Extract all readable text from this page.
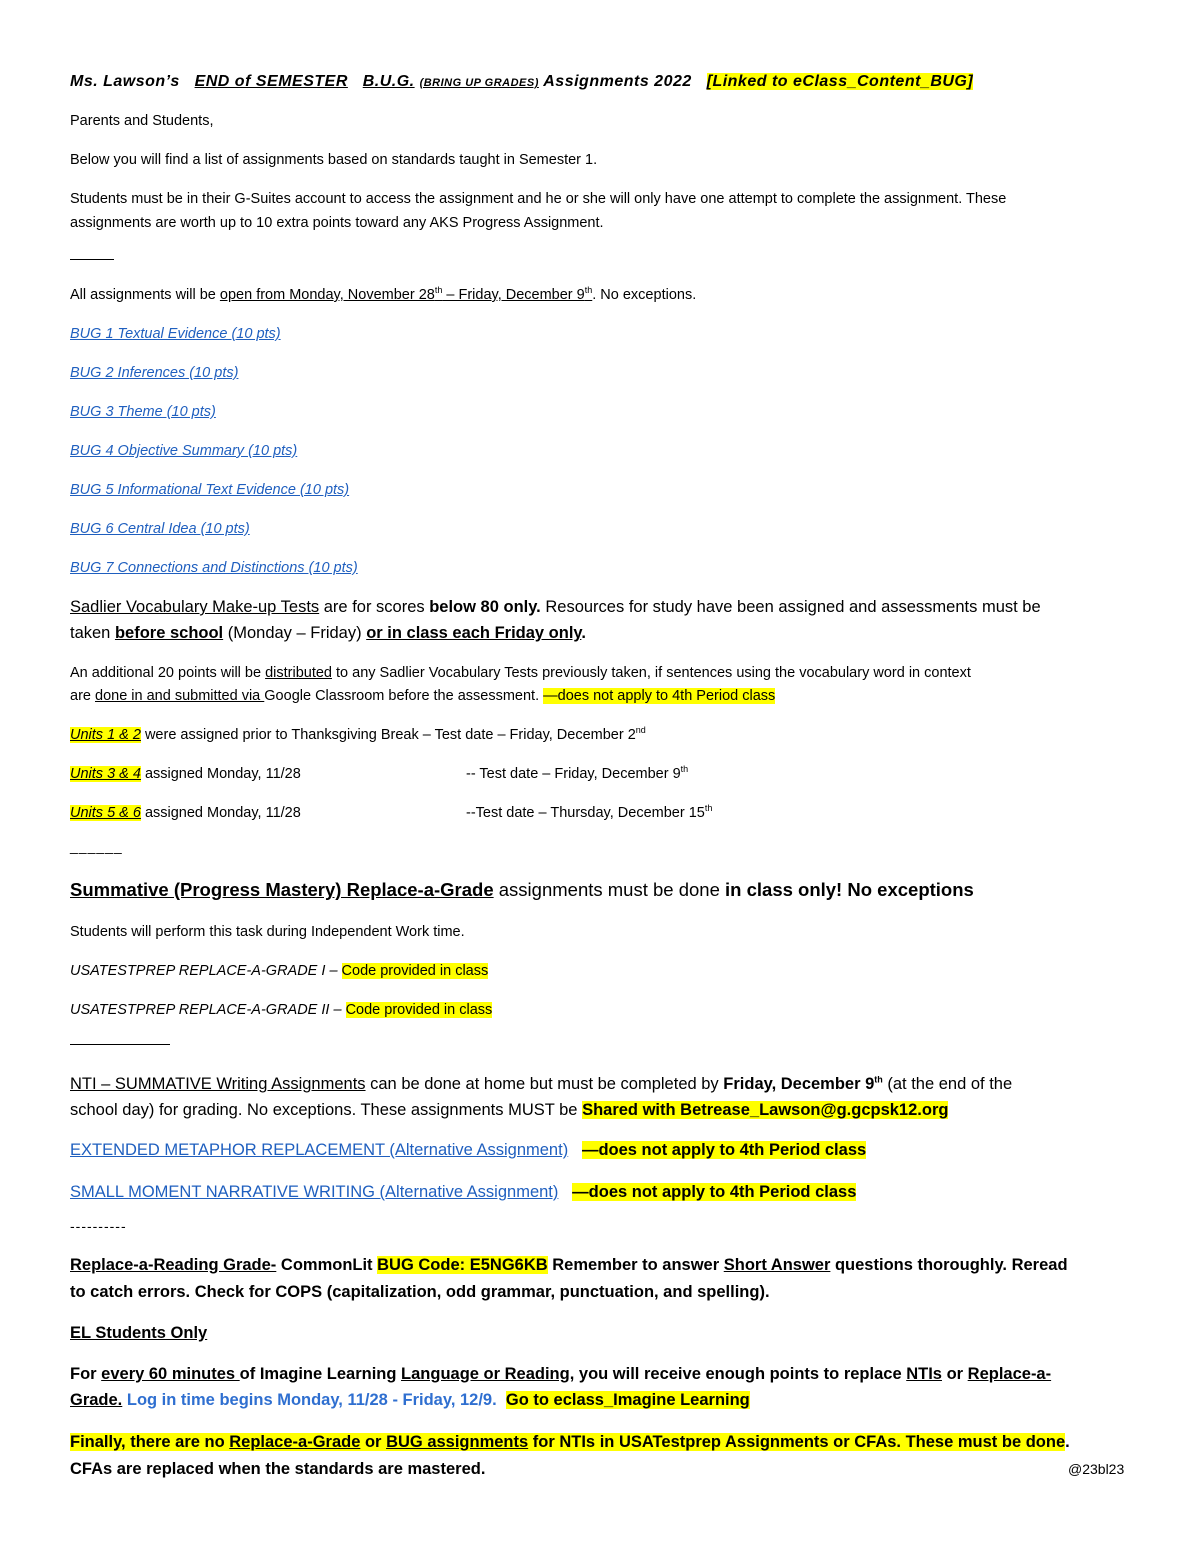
Ms. Lawson’s END of SEMESTER B.U.G. (BRING UP GRADES) Assignments 2022 [Linked to eClass_Content_BUG]
Parents and Students,
Below you will find a list of assignments based on standards taught in Semester 1.
Students must be in their G-Suites account to access the assignment and he or she will only have one attempt to complete the assignment. These
assignments are worth up to 10 extra points toward any AKS Progress Assignment.
All assignments will be open from Monday, November 28th – Friday, December 9th. No exceptions.
BUG 1 Textual Evidence (10 pts)
BUG 2 Inferences (10 pts)
BUG 3 Theme (10 pts)
BUG 4 Objective Summary (10 pts)
BUG 5 Informational Text Evidence (10 pts)
BUG 6 Central Idea (10 pts)
BUG 7 Connections and Distinctions (10 pts)
Sadlier Vocabulary Make-up Tests are for scores below 80 only. Resources for study have been assigned and assessments must be
taken before school (Monday – Friday) or in class each Friday only.
An additional 20 points will be distributed to any Sadlier Vocabulary Tests previously taken, if sentences using the vocabulary word in context
are done in and submitted via Google Classroom before the assessment. —does not apply to 4th Period class
Units 1 & 2 were assigned prior to Thanksgiving Break – Test date – Friday, December 2nd
Units 3 & 4 assigned Monday, 11/28	-- Test date – Friday, December 9th
Units 5 & 6 assigned Monday, 11/28	--Test date – Thursday, December 15th
______
Summative (Progress Mastery) Replace-a-Grade assignments must be done in class only! No exceptions
Students will perform this task during Independent Work time.
USATESTPREP REPLACE-A-GRADE I – Code provided in class
USATESTPREP REPLACE-A-GRADE II – Code provided in class
NTI – SUMMATIVE Writing Assignments can be done at home but must be completed by Friday, December 9th (at the end of the
school day) for grading. No exceptions. These assignments MUST be Shared with Betrease_Lawson@g.gcpsk12.org
EXTENDED METAPHOR REPLACEMENT (Alternative Assignment) —does not apply to 4th Period class
SMALL MOMENT NARRATIVE WRITING (Alternative Assignment) —does not apply to 4th Period class
----------
Replace-a-Reading Grade- CommonLit BUG Code: E5NG6KB Remember to answer Short Answer questions thoroughly. Reread
to catch errors. Check for COPS (capitalization, odd grammar, punctuation, and spelling).
EL Students Only
For every 60 minutes of Imagine Learning Language or Reading, you will receive enough points to replace NTIs or Replace-a-
Grade. Log in time begins Monday, 11/28 - Friday, 12/9. Go to eclass_Imagine Learning
Finally, there are no Replace-a-Grade or BUG assignments for NTIs in USATestprep Assignments or CFAs. These must be done.
CFAs are replaced when the standards are mastered.	@23bl23
